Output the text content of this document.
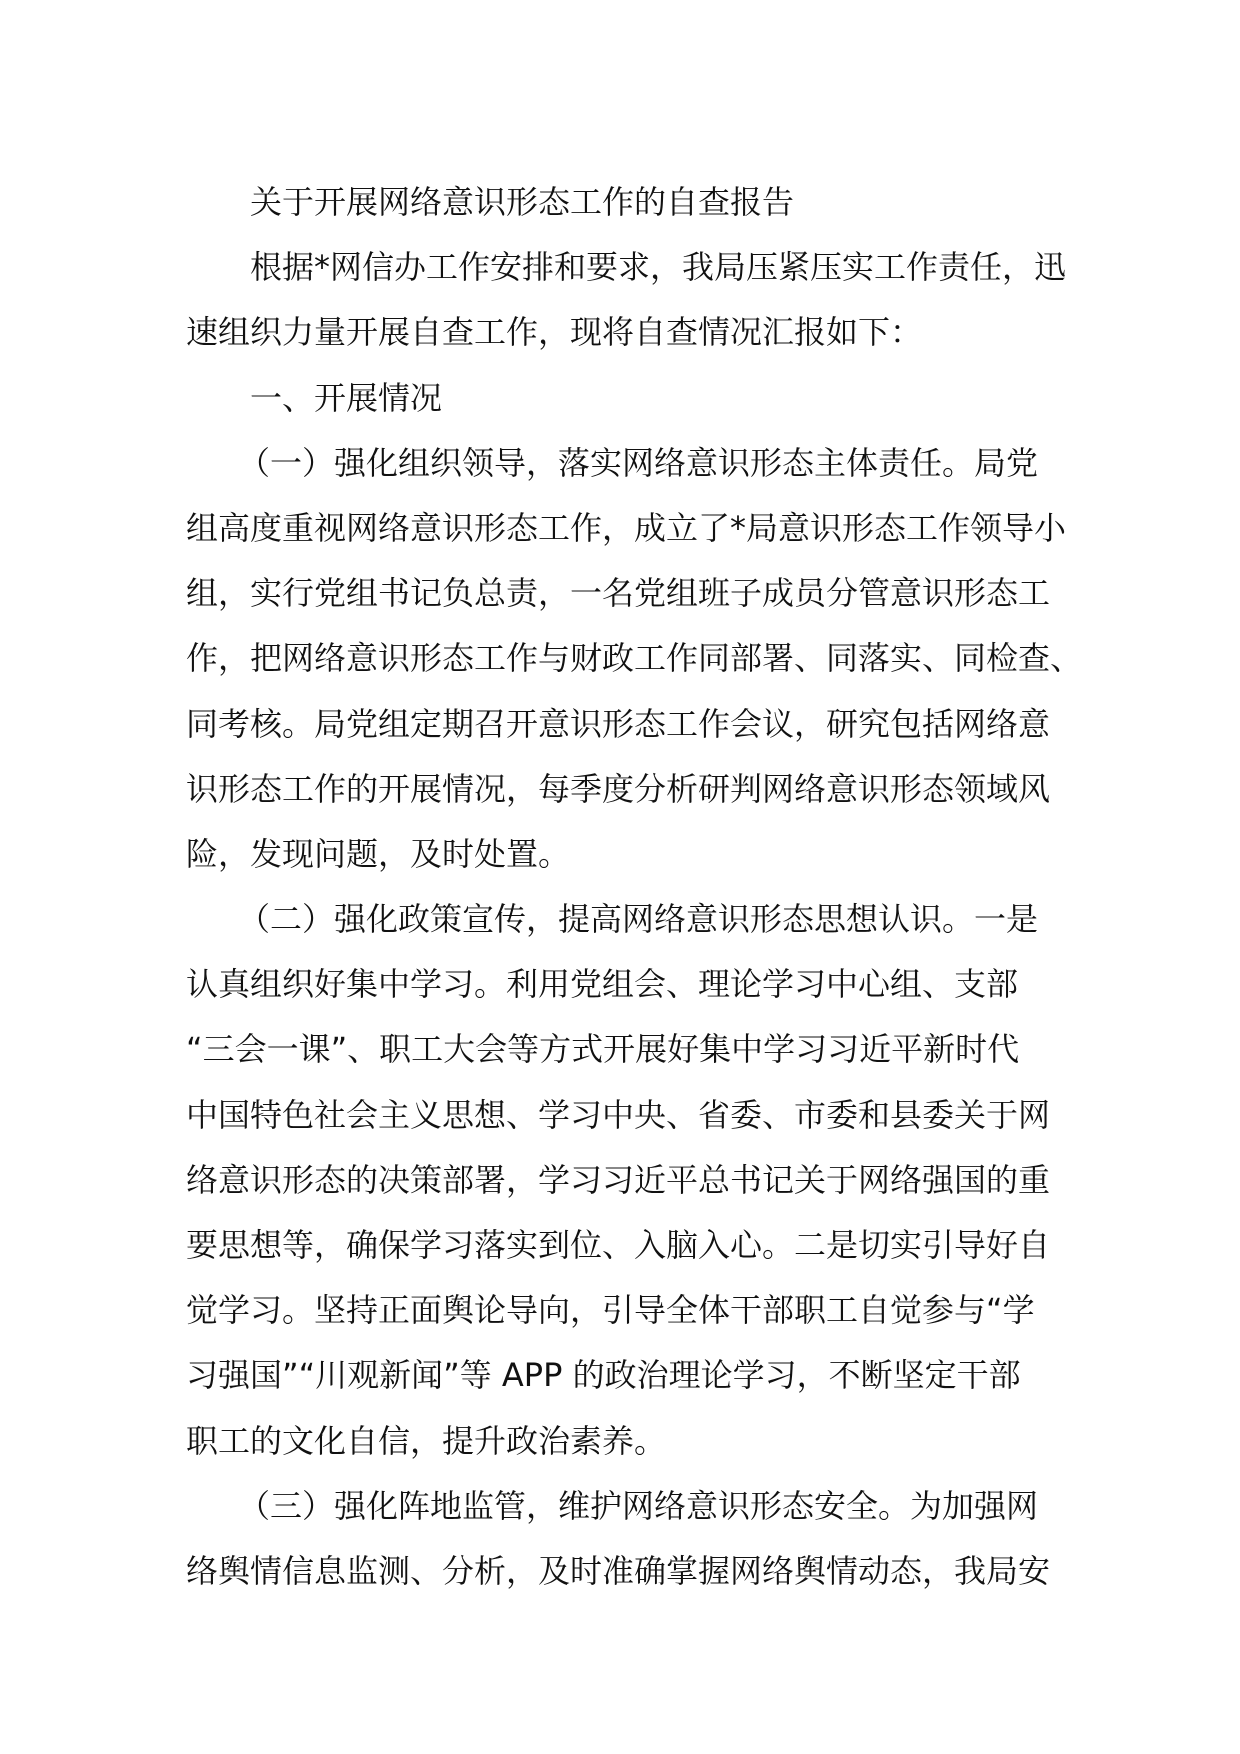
关于开展网络意识形态工作的自查报告
根据*网信办工作安排和要求，我局压紧压实工作责任，迅
速组织力量开展自查工作，现将自查情况汇报如下：
一、开展情况
（一）强化组织领导，落实网络意识形态主体责任。局党
组高度重视网络意识形态工作，成立了*局意识形态工作领导小
组，实行党组书记负总责，一名党组班子成员分管意识形态工
作，把网络意识形态工作与财政工作同部署、同落实、同检查、
同考核。局党组定期召开意识形态工作会议，研究包括网络意
识形态工作的开展情况，每季度分析研判网络意识形态领域风
险，发现问题，及时处置。
（二）强化政策宣传，提高网络意识形态思想认识。一是
认真组织好集中学习。利用党组会、理论学习中心组、支部
“三会一课”、职工大会等方式开展好集中学习习近平新时代
中国特色社会主义思想、学习中央、省委、市委和县委关于网
络意识形态的决策部署，学习习近平总书记关于网络强国的重
要思想等，确保学习落实到位、入脑入心。二是切实引导好自
觉学习。坚持正面舆论导向，引导全体干部职工自觉参与“学
习强国”“川观新闻”等 APP 的政治理论学习，不断坚定干部
职工的文化自信，提升政治素养。
（三）强化阵地监管，维护网络意识形态安全。为加强网
络舆情信息监测、分析，及时准确掌握网络舆情动态，我局安
